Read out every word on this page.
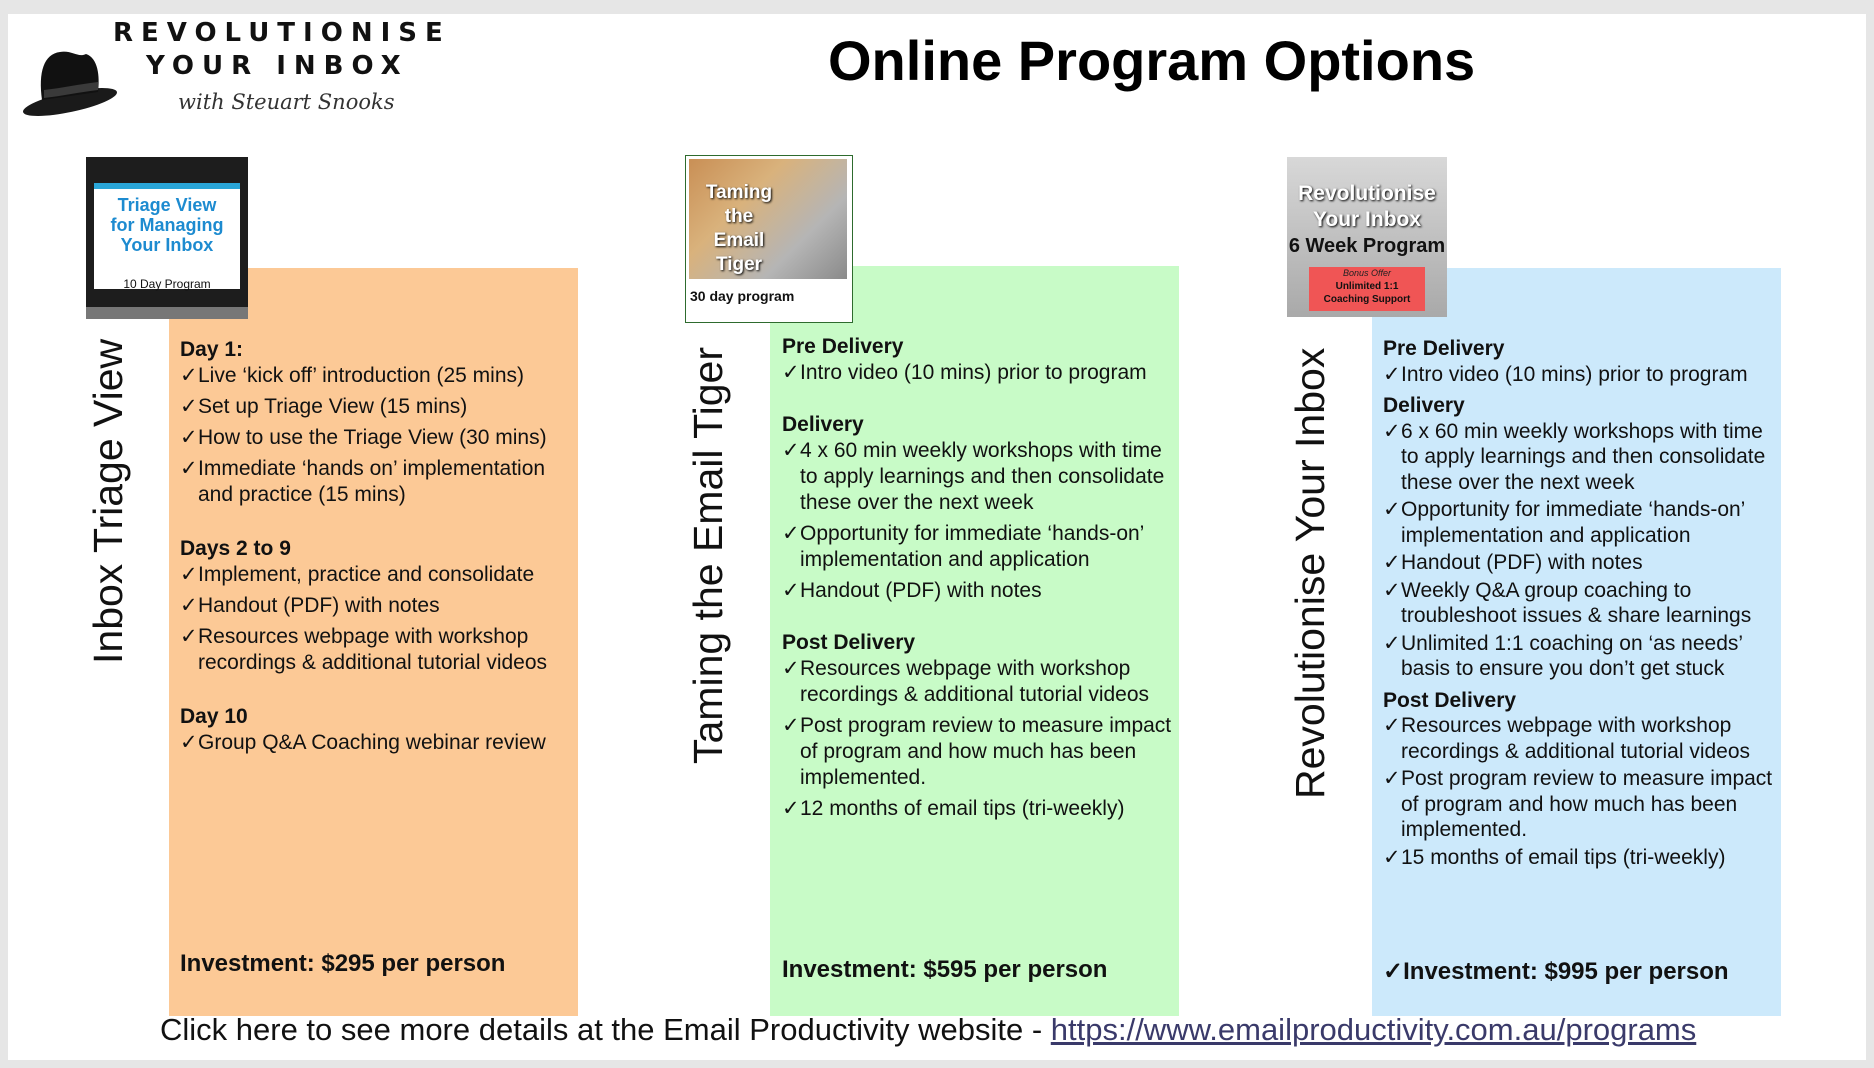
REVOLUTIONISE
YOUR INBOX
with Steuart Snooks
Online Program Options
Inbox Triage View
Triage View
for Managing
Your Inbox
10 Day Program
Day 1:
✓ Live ‘kick off’ introduction (25 mins)
✓ Set up Triage View (15 mins)
✓ How to use the Triage View (30 mins)
✓ Immediate ‘hands on’ implementation and practice (15 mins)
Days 2 to 9
✓ Implement, practice and consolidate
✓ Handout (PDF) with notes
✓ Resources webpage with workshop recordings & additional tutorial videos
Day 10
✓ Group Q&A Coaching webinar review
Investment: $295 per person
Taming the Email Tiger
Taming
the
Email Tiger
30 day program
Pre Delivery
✓ Intro video (10 mins) prior to program
Delivery
✓ 4 x 60 min weekly workshops with time to apply learnings and then consolidate these over the next week
✓ Opportunity for immediate ‘hands-on’ implementation and application
✓ Handout (PDF) with notes
Post Delivery
✓ Resources webpage with workshop recordings & additional tutorial videos
✓ Post program review to measure impact of program and how much has been implemented.
✓ 12 months of email tips (tri-weekly)
Investment: $595 per person
Revolutionise Your Inbox
Revolutionise
Your Inbox
6 Week Program
Bonus Offer
Unlimited 1:1
Coaching Support
Pre Delivery
✓ Intro video (10 mins) prior to program
Delivery
✓ 6 x 60 min weekly workshops with time to apply learnings and then consolidate these over the next week
✓ Opportunity for immediate ‘hands-on’ implementation and application
✓ Handout (PDF) with notes
✓ Weekly Q&A group coaching to troubleshoot issues & share learnings
✓ Unlimited 1:1 coaching on ‘as needs’ basis to ensure you don’t get stuck
Post Delivery
✓ Resources webpage with workshop recordings & additional tutorial videos
✓ Post program review to measure impact of program and how much has been implemented.
✓ 15 months of email tips (tri-weekly)
✓Investment: $995 per person
Click here to see more details at the Email Productivity website - https://www.emailproductivity.com.au/programs
